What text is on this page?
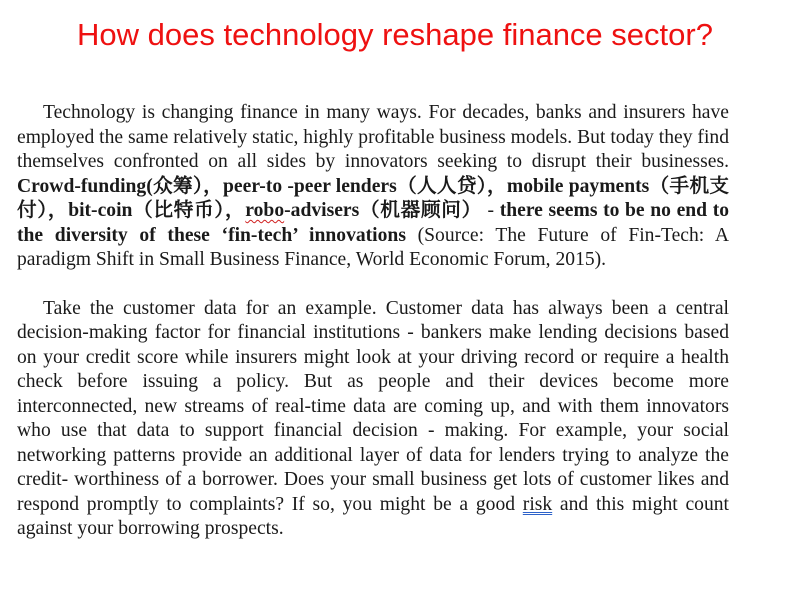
How does technology reshape finance sector?

Technology is changing finance in many ways. For decades, banks and insurers have employed the same relatively static, highly profitable business models. But today they find themselves confronted on all sides by innovators seeking to disrupt their businesses. Crowd-funding(众筹），peer-to -peer lenders（人人贷），mobile payments（手机支付），bit-coin（比特币），robo-advisers（机器顾问） - there seems to be no end to the diversity of these ‘fin-tech’ innovations (Source: The Future of Fin-Tech: A paradigm Shift in Small Business Finance, World Economic Forum, 2015).

Take the customer data for an example. Customer data has always been a central decision-making factor for financial institutions - bankers make lending decisions based on your credit score while insurers might look at your driving record or require a health check before issuing a policy. But as people and their devices become more interconnected, new streams of real-time data are coming up, and with them innovators who use that data to support financial decision - making. For example, your social networking patterns provide an additional layer of data for lenders trying to analyze the credit- worthiness of a borrower. Does your small business get lots of customer likes and respond promptly to complaints? If so, you might be a good risk and this might count against your borrowing prospects.
